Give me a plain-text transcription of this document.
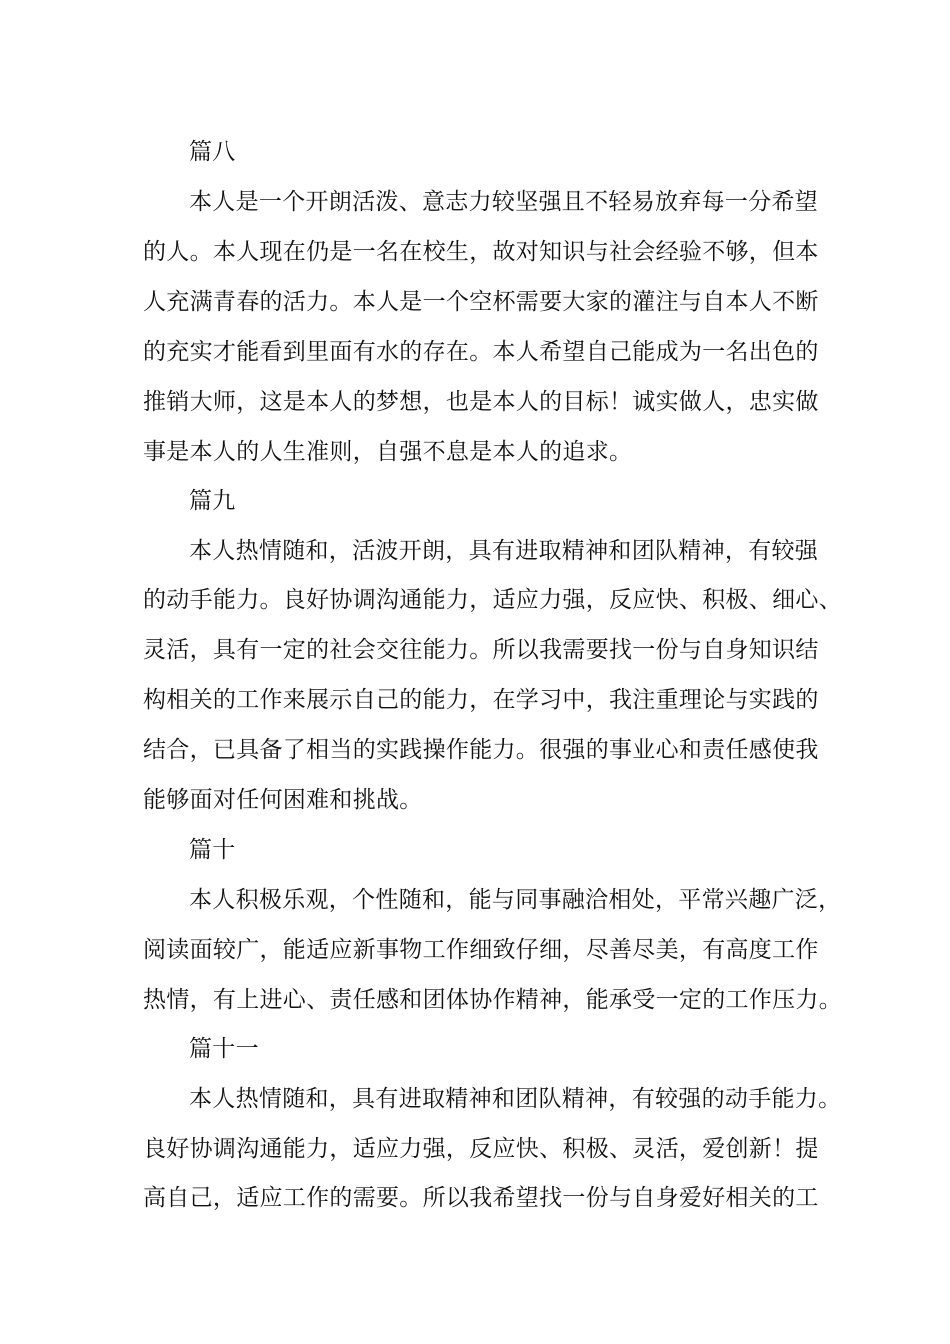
篇八
本人是一个开朗活泼、意志力较坚强且不轻易放弃每一分希望
的人。本人现在仍是一名在校生，故对知识与社会经验不够，但本
人充满青春的活力。本人是一个空杯需要大家的灌注与自本人不断
的充实才能看到里面有水的存在。本人希望自己能成为一名出色的
推销大师，这是本人的梦想，也是本人的目标！诚实做人，忠实做
事是本人的人生准则，自强不息是本人的追求。
篇九
本人热情随和，活波开朗，具有进取精神和团队精神，有较强
的动手能力。良好协调沟通能力，适应力强，反应快、积极、细心、
灵活，具有一定的社会交往能力。所以我需要找一份与自身知识结
构相关的工作来展示自己的能力，在学习中，我注重理论与实践的
结合，已具备了相当的实践操作能力。很强的事业心和责任感使我
能够面对任何困难和挑战。
篇十
本人积极乐观，个性随和，能与同事融洽相处，平常兴趣广泛，
阅读面较广，能适应新事物工作细致仔细，尽善尽美，有高度工作
热情，有上进心、责任感和团体协作精神，能承受一定的工作压力。
篇十一
本人热情随和，具有进取精神和团队精神，有较强的动手能力。
良好协调沟通能力，适应力强，反应快、积极、灵活，爱创新！提
高自己，适应工作的需要。所以我希望找一份与自身爱好相关的工
